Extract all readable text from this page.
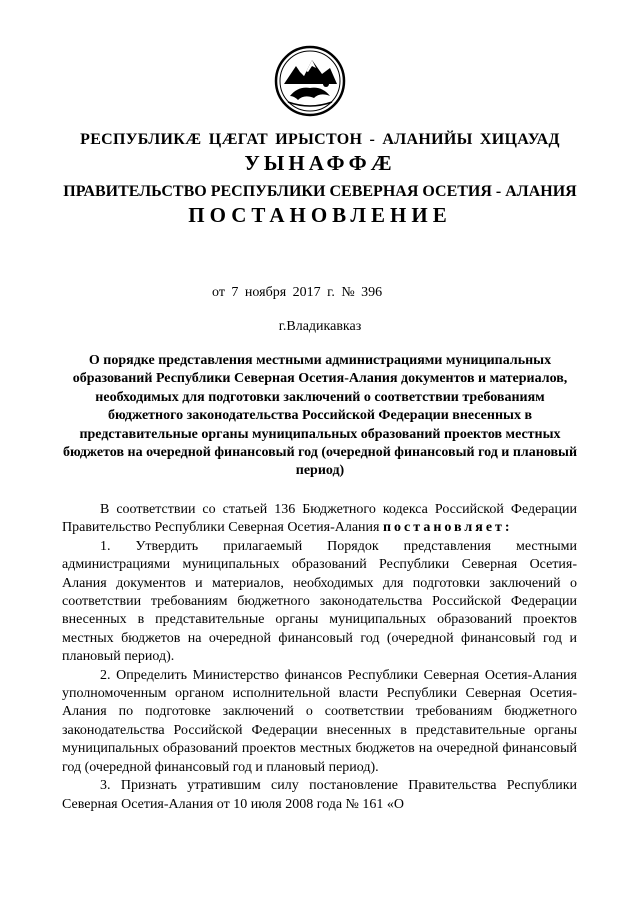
РЕСПУБЛИКӔ ЦӔГАТ ИРЫСТОН - АЛАНИЙЫ ХИЦАУАД
УЫНАФФӔ
ПРАВИТЕЛЬСТВО РЕСПУБЛИКИ СЕВЕРНАЯ ОСЕТИЯ - АЛАНИЯ
ПОСТАНОВЛЕНИЕ
от 7 ноября 2017 г. № 396
г.Владикавказ
О порядке представления местными администрациями муниципальных образований Республики Северная Осетия-Алания документов и материалов, необходимых для подготовки заключений о соответствии требованиям бюджетного законодательства Российской Федерации внесенных в представительные органы муниципальных образований проектов местных бюджетов на очередной финансовый год (очередной финансовый год и плановый период)

В соответствии со статьей 136 Бюджетного кодекса Российской Федерации Правительство Республики Северная Осетия-Алания постановляет:

1. Утвердить прилагаемый Порядок представления местными администрациями муниципальных образований Республики Северная Осетия-Алания документов и материалов, необходимых для подготовки заключений о соответствии требованиям бюджетного законодательства Российской Федерации внесенных в представительные органы муниципальных образований проектов местных бюджетов на очередной финансовый год (очередной финансовый год и плановый период).

2. Определить Министерство финансов Республики Северная Осетия-Алания уполномоченным органом исполнительной власти Республики Северная Осетия-Алания по подготовке заключений о соответствии требованиям бюджетного законодательства Российской Федерации внесенных в представительные органы муниципальных образований проектов местных бюджетов на очередной финансовый год (очередной финансовый год и плановый период).

3. Признать утратившим силу постановление Правительства Республики Северная Осетия-Алания от 10 июля 2008 года № 161 «О
